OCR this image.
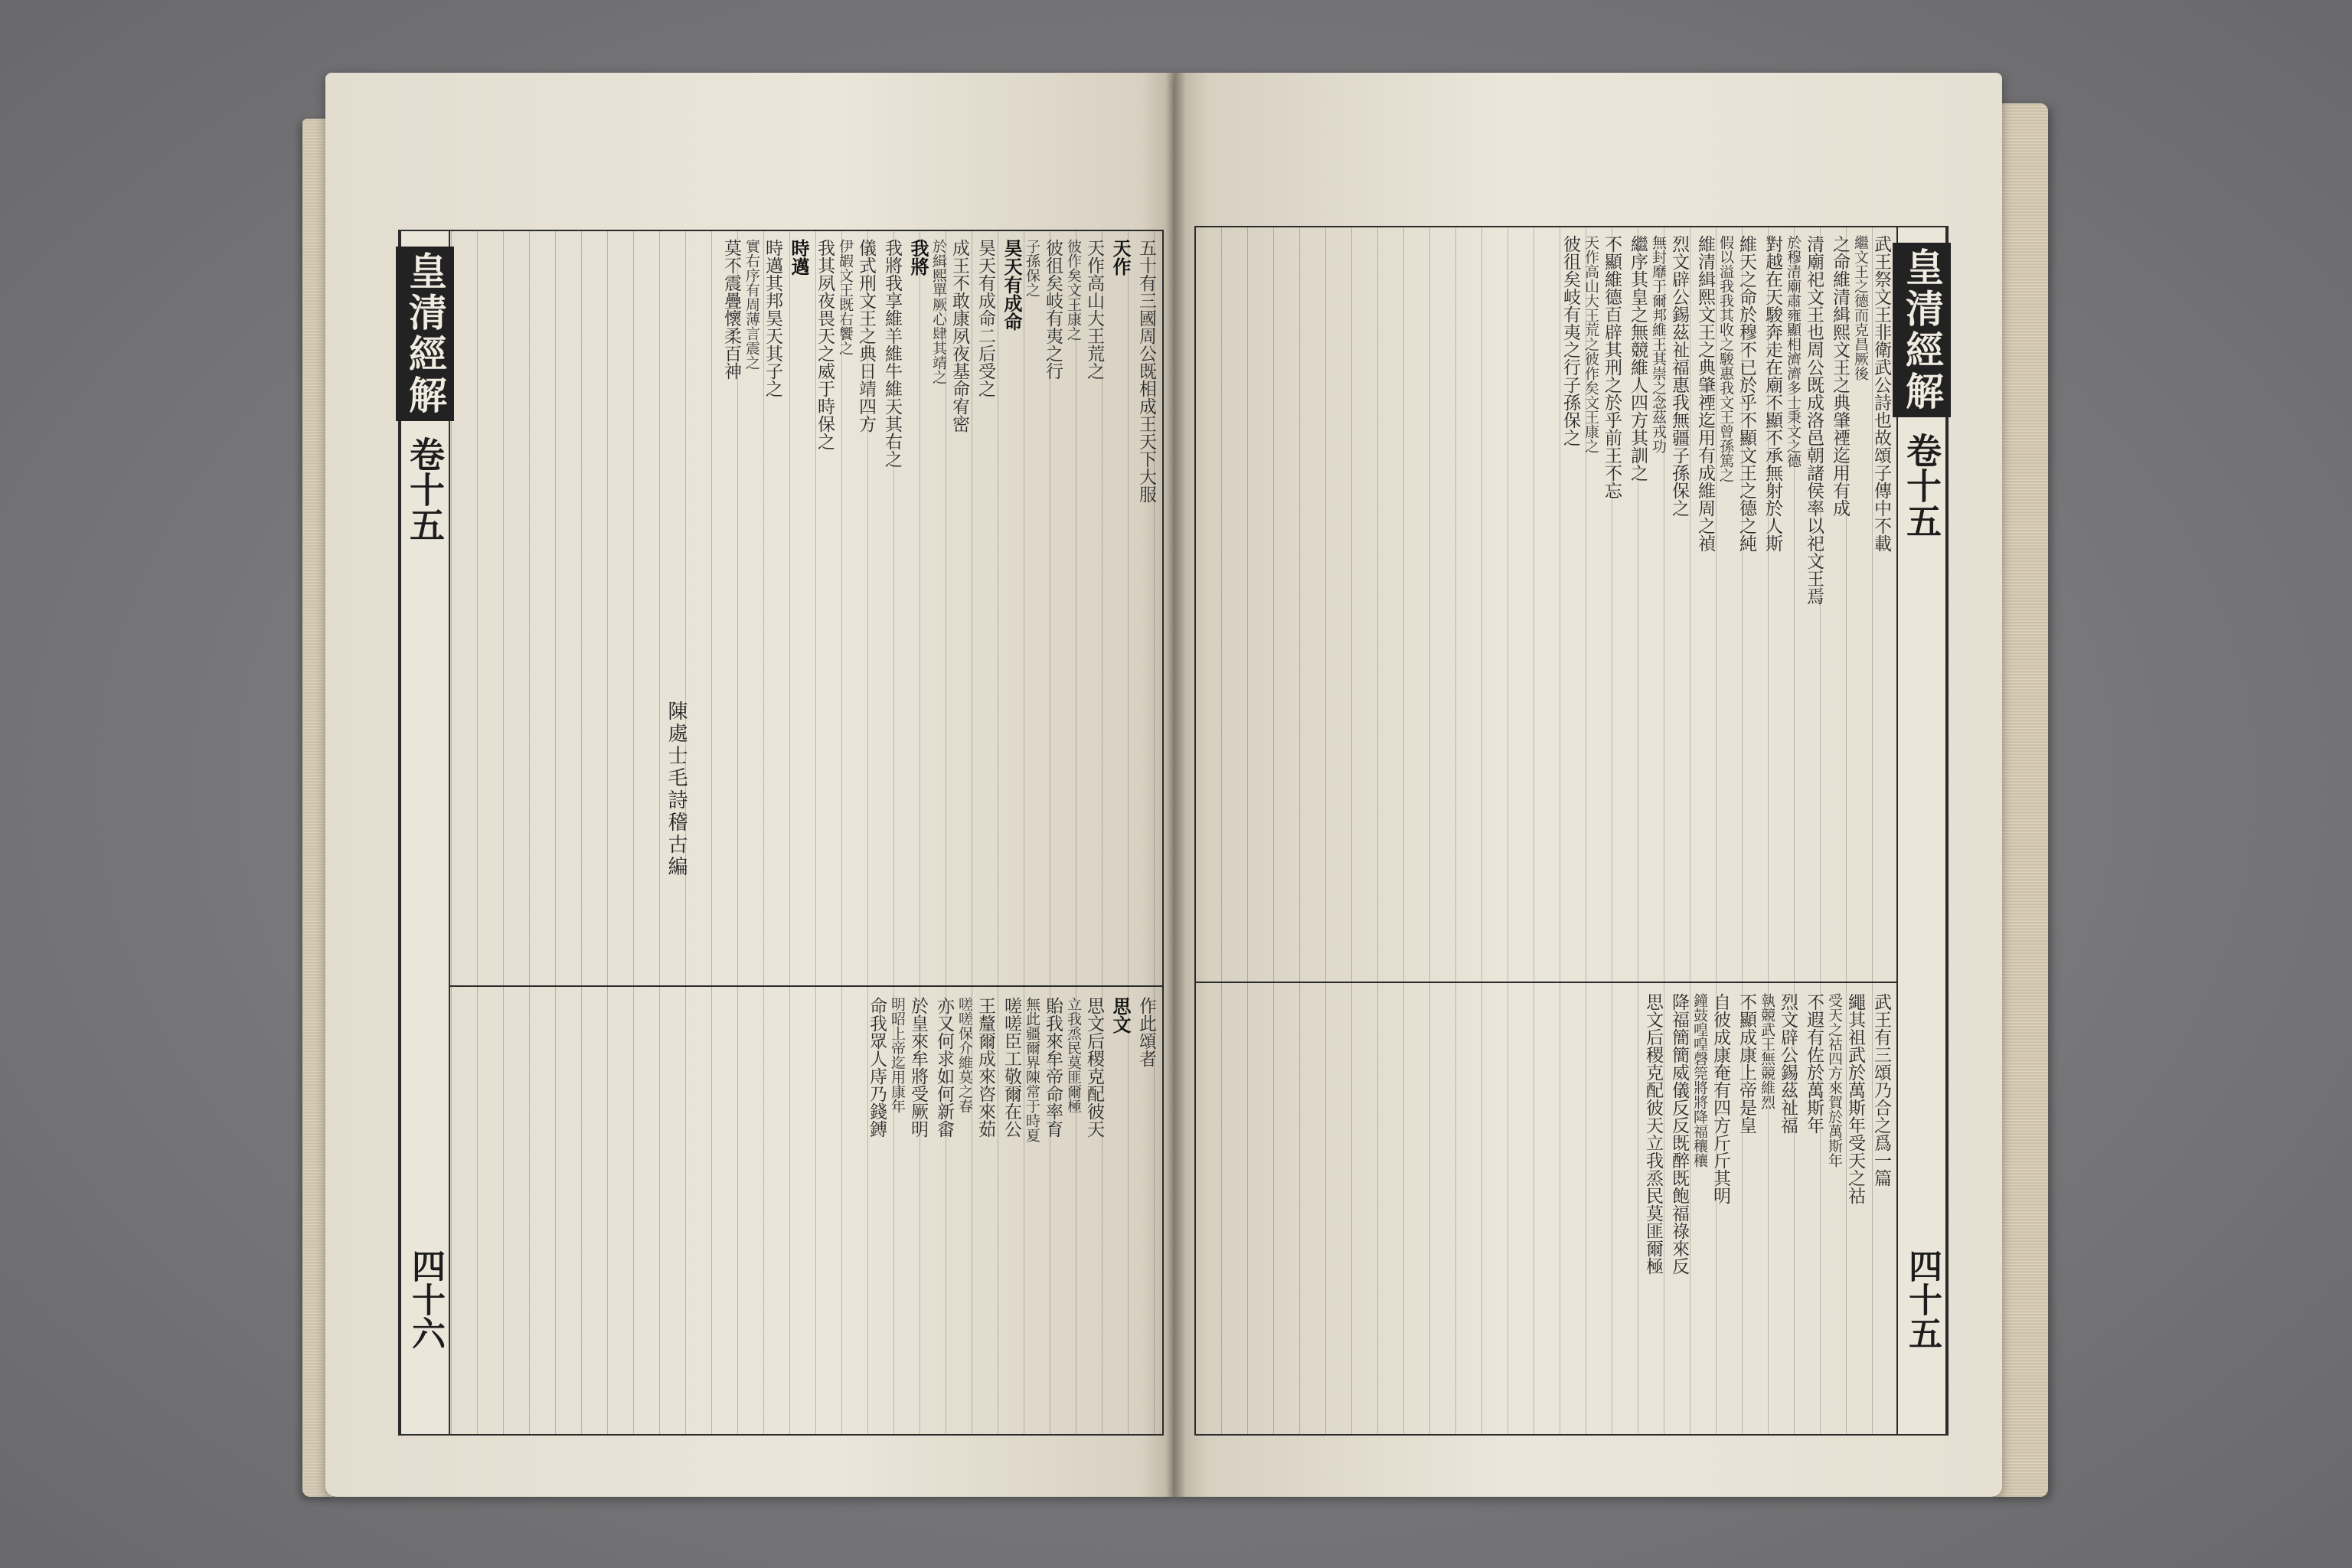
皇清經解
卷十五
四十六
五十有三國周公既相成王天下大服
天作
天作高山大王荒之
彼作矣文王康之
彼徂矣岐有夷之行
子孫保之
昊天有成命
昊天有成命二后受之
成王不敢康夙夜基命宥密
於緝熙單厥心肆其靖之
我將
我將我享維羊維牛維天其右之
儀式刑文王之典日靖四方
伊嘏文王既右饗之
我其夙夜畏天之威于時保之
時邁
時邁其邦昊天其子之
實右序有周薄言震之
莫不震疊懷柔百神
作此頌者
思文
思文后稷克配彼天
立我烝民莫匪爾極
貽我來牟帝命率育
無此疆爾界陳常于時夏
嗟嗟臣工敬爾在公
王釐爾成來咨來茹
嗟嗟保介維莫之春
亦又何求如何新畬
於皇來牟將受厥明
明昭上帝迄用康年
命我眾人庤乃錢鎛
皇清經解
卷十五
四十五
武王祭文王非衛武公詩也故頌子傳中不載
繼文王之德而克昌厥後
之命維清緝熙文王之典肇禋迄用有成
清廟祀文王也周公既成洛邑朝諸侯率以祀文王焉
於穆清廟肅雍顯相濟濟多士秉文之德
對越在天駿奔走在廟不顯不承無射於人斯
維天之命於穆不已於乎不顯文王之德之純
假以溢我我其收之駿惠我文王曾孫篤之
維清緝熙文王之典肇禋迄用有成維周之禎
烈文辟公錫茲祉福惠我無疆子孫保之
無封靡于爾邦維王其崇之念茲戎功
繼序其皇之無競維人四方其訓之
不顯維德百辟其刑之於乎前王不忘
天作高山大王荒之彼作矣文王康之
彼徂矣岐有夷之行子孫保之
武王有三頌乃合之爲一篇
繩其祖武於萬斯年受天之祜
受天之祜四方來賀於萬斯年
不遐有佐於萬斯年
烈文辟公錫茲祉福
執競武王無競維烈
不顯成康上帝是皇
自彼成康奄有四方斤斤其明
鐘鼓喤喤磬筦將將降福穰穰
降福簡簡威儀反反既醉既飽福祿來反
思文后稷克配彼天立我烝民莫匪爾極
陳處士毛詩稽古編
